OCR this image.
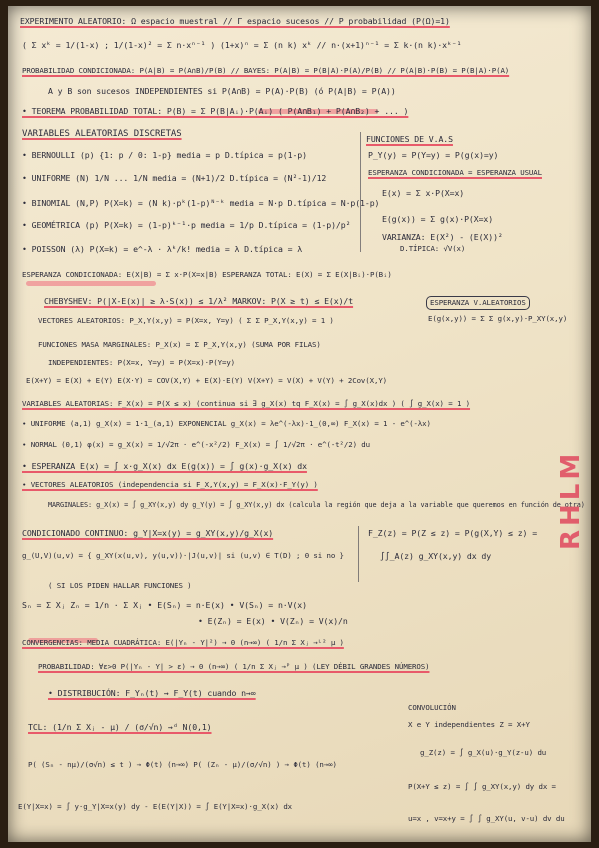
EXPERIMENTO ALEATORIO: Ω espacio muestral // Γ espacio sucesos // P probabilidad (P(Ω)=1)
( Σ xᵏ = 1/(1-x) ; 1/(1-x)² = Σ n·xⁿ⁻¹ ) (1+x)ⁿ = Σ (n k) xᵏ // n·(x+1)ⁿ⁻¹ = Σ k·(n k)·xᵏ⁻¹
PROBABILIDAD CONDICIONADA: P(A|B) = P(A∩B)/P(B) // BAYES: P(A|B) = P(B|A)·P(A)/P(B) // P(A|B)·P(B) = P(B|A)·P(A)
A y B son sucesos INDEPENDIENTES si P(A∩B) = P(A)·P(B) (ó P(A|B) = P(A))
• TEOREMA PROBABILIDAD TOTAL: P(B) = Σ P(B|Aᵢ)·P(Aᵢ) ( P(A∩B₁) + P(A∩B₂) + ... )
VARIABLES ALEATORIAS DISCRETAS	FUNCIONES DE V.A.S
• BERNOULLI (p) {1: p / 0: 1-p} media = p D.típica = p(1-p)	P_Y(y) = P(Y=y) = P(g(x)=y)
• UNIFORME (N) 1/N ... 1/N media = (N+1)/2 D.típica = (N²-1)/12
ESPERANZA CONDICIONADA = ESPERANZA USUAL
E(x) = Σ x·P(X=x)
• BINOMIAL (N,P) P(X=k) = (N k)·pᵏ(1-p)ᴺ⁻ᵏ media = N·p D.típica = N·p(1-p)
• GEOMÉTRICA (p) P(X=k) = (1-p)ᵏ⁻¹·p media = 1/p D.típica = (1-p)/p²
E(g(x)) = Σ g(x)·P(X=x)
VARIANZA: E(X²) - (E(X))²
D.TÍPICA: √V(x)
• POISSON (λ) P(X=k) = e^-λ · λᵏ/k! media = λ D.típica = λ
ESPERANZA CONDICIONADA: E(X|B) = Σ x·P(X=x|B) ESPERANZA TOTAL: E(X) = Σ E(X|Bᵢ)·P(Bᵢ)
CHEBYSHEV: P(|X-E(x)| ≥ λ·S(x)) ≤ 1/λ² MARKOV: P(X ≥ t) ≤ E(x)/t
VECTORES ALEATORIOS: P_X,Y(x,y) = P(X=x, Y=y) ( Σ Σ P_X,Y(x,y) = 1 )
ESPERANZA V.ALEATORIOS
E(g(x,y)) = Σ Σ g(x,y)·P_XY(x,y)
FUNCIONES MASA MARGINALES: P_X(x) = Σ P_X,Y(x,y) (SUMA POR FILAS)
INDEPENDIENTES: P(X=x, Y=y) = P(X=x)·P(Y=y)
E(X+Y) = E(X) + E(Y) E(X·Y) = COV(X,Y) + E(X)·E(Y) V(X+Y) = V(X) + V(Y) + 2Cov(X,Y)
VARIABLES ALEATORIAS: F_X(x) = P(X ≤ x) (continua si ∃ g_X(x) tq F_X(x) = ∫ g_X(x)dx ) ( ∫ g_X(x) = 1 )
• UNIFORME (a,1) g_X(x) = 1·1_(a,1) EXPONENCIAL g_X(x) = λe^(-λx)·1_(0,∞) F_X(x) = 1 - e^(-λx)
• NORMAL (0,1) φ(x) = g_X(x) = 1/√2π · e^(-x²/2) F_X(x) = ∫ 1/√2π · e^(-t²/2) du
• ESPERANZA E(x) = ∫ x·g_X(x) dx E(g(x)) = ∫ g(x)·g_X(x) dx
• VECTORES ALEATORIOS (independencia si F_X,Y(x,y) = F_X(x)·F_Y(y) )
MARGINALES: g_X(x) = ∫ g_XY(x,y) dy g_Y(y) = ∫ g_XY(x,y) dx (calcula la región que deja a la variable que queremos en función de otra)
CONDICIONADO CONTINUO: g_Y|X=x(y) = g_XY(x,y)/g_X(x)	F_Z(z) = P(Z ≤ z) = P(g(X,Y) ≤ z) =
g_(U,V)(u,v) = { g_XY(x(u,v), y(u,v))·|J(u,v)| si (u,v) ∈ T(D) ; 0 si no }	∫∫_A(z) g_XY(x,y) dx dy
( SI LOS PIDEN HALLAR FUNCIONES )
Sₙ = Σ Xⱼ Zₙ = 1/n · Σ Xⱼ • E(Sₙ) = n·E(x) • V(Sₙ) = n·V(x)
• E(Zₙ) = E(x) • V(Zₙ) = V(x)/n
CONVERGENCIAS: MEDIA CUADRÁTICA: E(|Yₙ - Y|²) → 0 (n→∞) ( 1/n Σ Xⱼ →ᴸ² μ )
PROBABILIDAD: ∀ε>0 P(|Yₙ - Y| > ε) → 0 (n→∞) ( 1/n Σ Xⱼ →ᴾ μ ) (LEY DÉBIL GRANDES NÚMEROS)
• DISTRIBUCIÓN: F_Yₙ(t) → F_Y(t) cuando n→∞
CONVOLUCIÓN
TCL: (1/n Σ Xⱼ - μ) / (σ/√n) →ᵈ N(0,1)	X e Y independientes Z = X+Y
P( (Sₙ - nμ)/(σ√n) ≤ t ) → Φ(t) (n→∞) P( (Zₙ - μ)/(σ/√n) ) → Φ(t) (n→∞)
g_Z(z) = ∫ g_X(u)·g_Y(z-u) du
P(X+Y ≤ z) = ∫ ∫ g_XY(x,y) dy dx =
E(Y|X=x) = ∫ y·g_Y|X=x(y) dy - E(E(Y|X)) = ∫ E(Y|X=x)·g_X(x) dx
u=x , v=x+y = ∫ ∫ g_XY(u, v-u) dv du
RHLM
